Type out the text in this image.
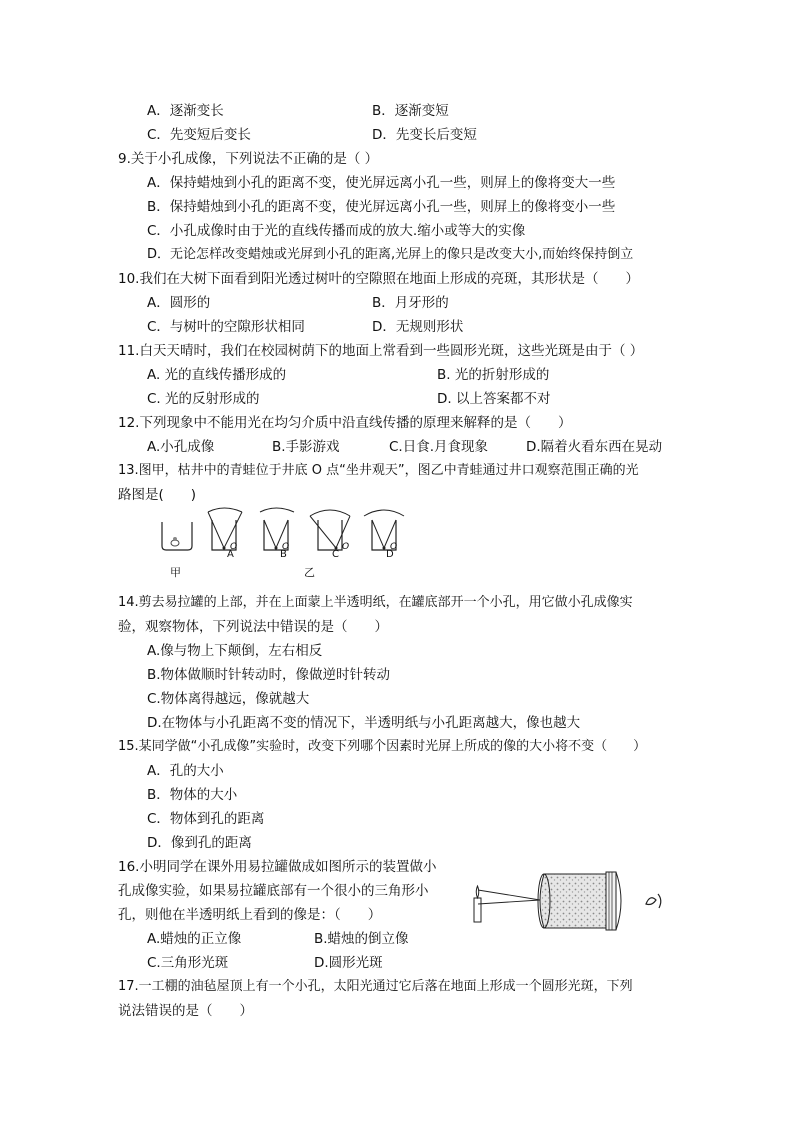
A．逐渐变长	B．逐渐变短
C．先变短后变长	D．先变长后变短
9.关于小孔成像，下列说法不正确的是（ ）
A．保持蜡烛到小孔的距离不变，使光屏远离小孔一些，则屏上的像将变大一些
B．保持蜡烛到小孔的距离不变，使光屏远离小孔一些，则屏上的像将变小一些
C．小孔成像时由于光的直线传播而成的放大.缩小或等大的实像
D．无论怎样改变蜡烛或光屏到小孔的距离,光屏上的像只是改变大小,而始终保持倒立
10.我们在大树下面看到阳光透过树叶的空隙照在地面上形成的亮斑，其形状是（　　）
A．圆形的	B．月牙形的
C．与树叶的空隙形状相同	D．无规则形状
11.白天天晴时，我们在校园树荫下的地面上常看到一些圆形光斑，这些光斑是由于（ ）
A. 光的直线传播形成的	B. 光的折射形成的
C. 光的反射形成的	D. 以上答案都不对
12.下列现象中不能用光在均匀介质中沿直线传播的原理来解释的是（　　）
A.小孔成像	B.手影游戏	C.日食.月食现象	D.隔着火看东西在晃动
13.图甲，枯井中的青蛙位于井底 O 点“坐井观天”，图乙中青蛙通过井口观察范围正确的光
路图是(　　)
A	B	C	D
O	O	O	O
甲	乙
14.剪去易拉罐的上部，并在上面蒙上半透明纸，在罐底部开一个小孔，用它做小孔成像实
验，观察物体，下列说法中错误的是（　　）
A.像与物上下颠倒，左右相反
B.物体做顺时针转动时，像做逆时针转动
C.物体离得越远，像就越大
D.在物体与小孔距离不变的情况下，半透明纸与小孔距离越大，像也越大
15.某同学做“小孔成像”实验时，改变下列哪个因素时光屏上所成的像的大小将不变（　　）
A．孔的大小
B．物体的大小
C．物体到孔的距离
D．像到孔的距离
16.小明同学在课外用易拉罐做成如图所示的装置做小
孔成像实验，如果易拉罐底部有一个很小的三角形小
孔，则他在半透明纸上看到的像是：（　　）
A.蜡烛的正立像	B.蜡烛的倒立像
C.三角形光斑	D.圆形光斑
17.一工棚的油毡屋顶上有一个小孔，太阳光通过它后落在地面上形成一个圆形光斑，下列
说法错误的是（　　）
